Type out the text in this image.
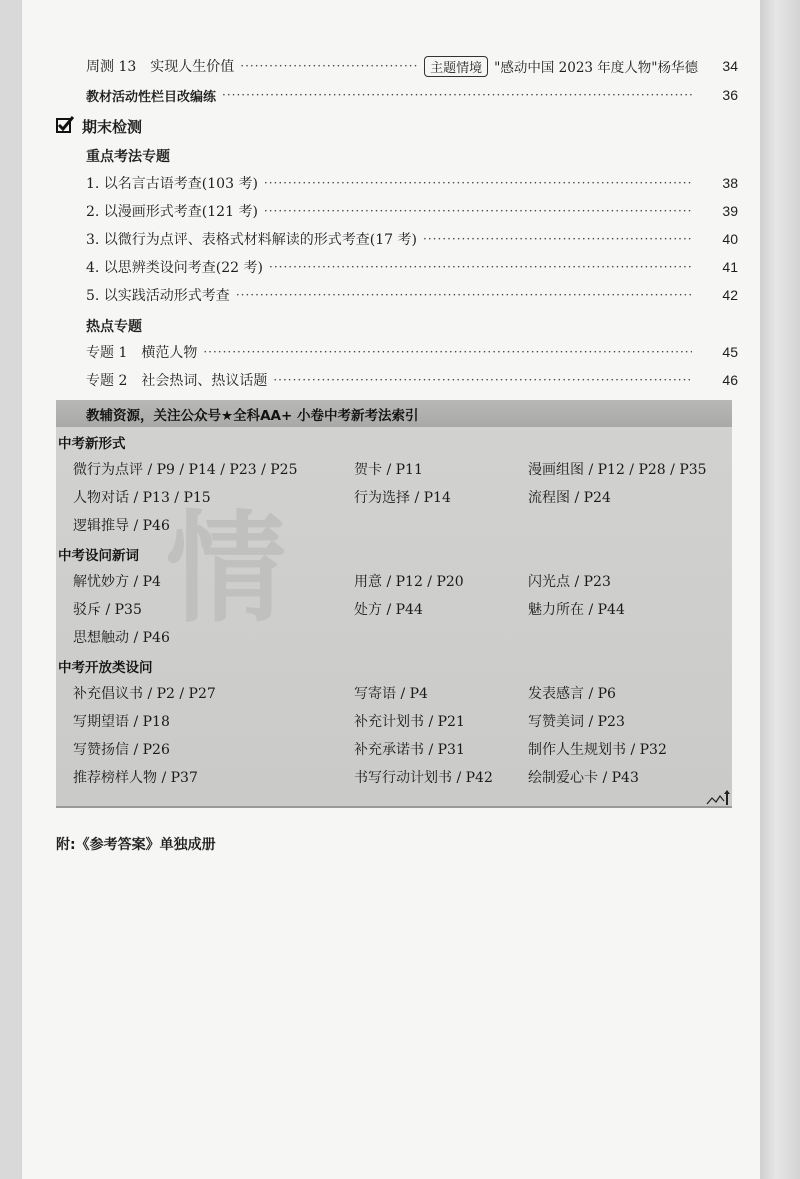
周测 13　实现人生价值 ·····	主题情境 "感动中国 2023 年度人物"杨华德	34
教材活动性栏目改编练 ·····	36
期末检测
重点考法专题
1. 以名言古语考查(103 考) ·····	38
2. 以漫画形式考查(121 考) ·····	39
3. 以微行为点评、表格式材料解读的形式考查(17 考) ·····	40
4. 以思辨类设问考查(22 考) ·····	41
5. 以实践活动形式考查 ·····	42
热点专题
专题 1　横范人物 ·····	45
专题 2　社会热词、热议话题 ·····	46
情
教辅资源，关注公众号★全科AA+ 小卷中考新考法索引
中考新形式
微行为点评 / P9 / P14 / P23 / P25	贺卡 / P11	漫画组图 / P12 / P28 / P35
人物对话 / P13 / P15	行为选择 / P14	流程图 / P24
逻辑推导 / P46
中考设问新词
解忧妙方 / P4	用意 / P12 / P20	闪光点 / P23
驳斥 / P35	处方 / P44	魅力所在 / P44
思想触动 / P46
中考开放类设问
补充倡议书 / P2 / P27	写寄语 / P4	发表感言 / P6
写期望语 / P18	补充计划书 / P21	写赞美词 / P23
写赞扬信 / P26	补充承诺书 / P31	制作人生规划书 / P32
推荐榜样人物 / P37	书写行动计划书 / P42	绘制爱心卡 / P43
附:《参考答案》单独成册
